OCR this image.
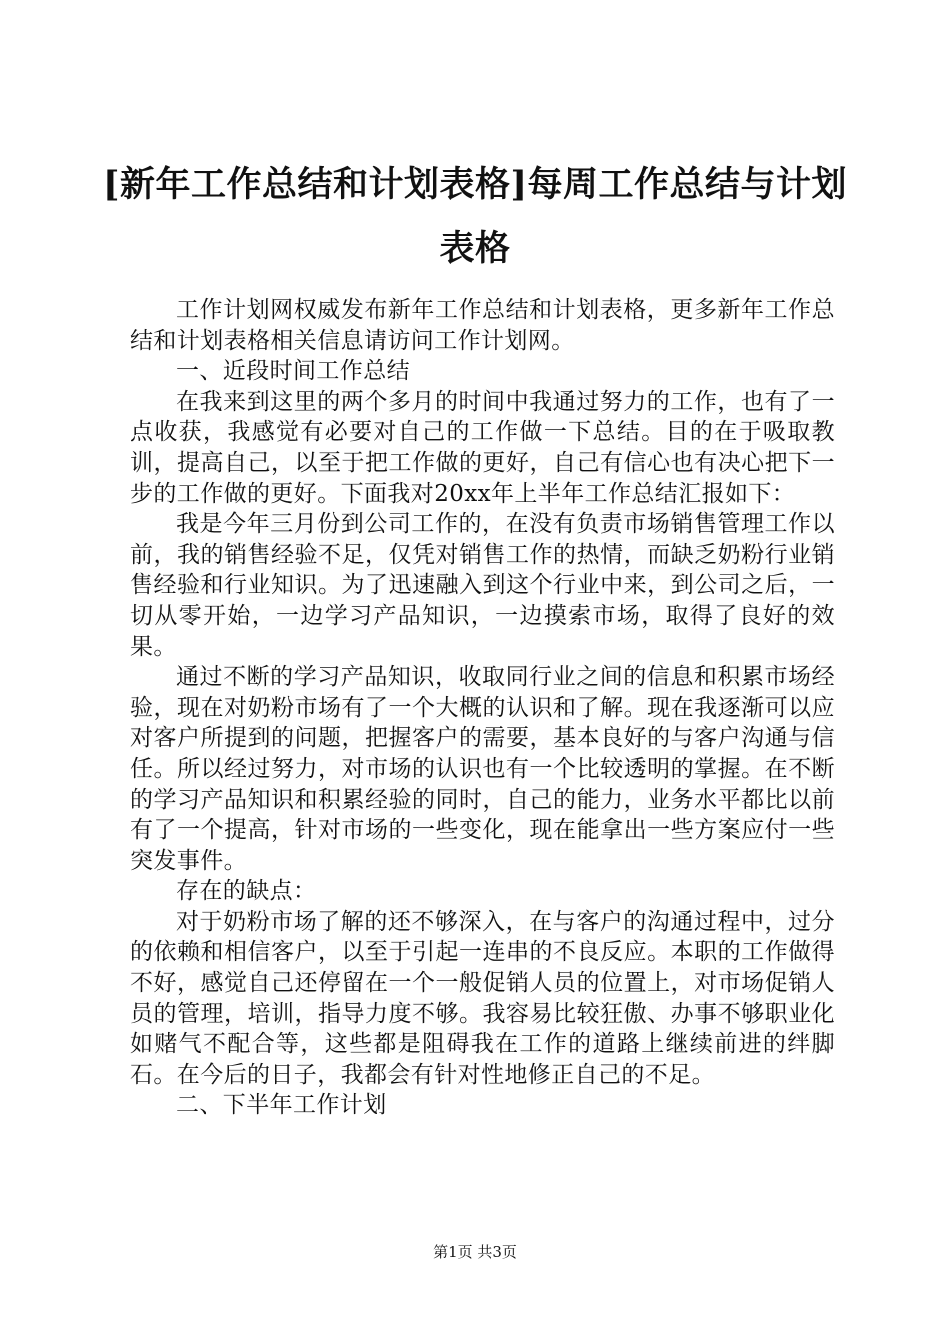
[新年工作总结和计划表格]每周工作总结与计划表格

工作计划网权威发布新年工作总结和计划表格，更多新年工作总结和计划表格相关信息请访问工作计划网。

一、近段时间工作总结

在我来到这里的两个多月的时间中我通过努力的工作，也有了一点收获，我感觉有必要对自己的工作做一下总结。目的在于吸取教训，提高自己，以至于把工作做的更好，自己有信心也有决心把下一步的工作做的更好。下面我对20xx年上半年工作总结汇报如下：

我是今年三月份到公司工作的，在没有负责市场销售管理工作以前，我的销售经验不足，仅凭对销售工作的热情，而缺乏奶粉行业销售经验和行业知识。为了迅速融入到这个行业中来，到公司之后，一切从零开始，一边学习产品知识，一边摸索市场，取得了良好的效果。

通过不断的学习产品知识，收取同行业之间的信息和积累市场经验，现在对奶粉市场有了一个大概的认识和了解。现在我逐渐可以应对客户所提到的问题，把握客户的需要，基本良好的与客户沟通与信任。所以经过努力，对市场的认识也有一个比较透明的掌握。在不断的学习产品知识和积累经验的同时，自己的能力，业务水平都比以前有了一个提高，针对市场的一些变化，现在能拿出一些方案应付一些突发事件。

存在的缺点：

对于奶粉市场了解的还不够深入，在与客户的沟通过程中，过分的依赖和相信客户，以至于引起一连串的不良反应。本职的工作做得不好，感觉自己还停留在一个一般促销人员的位置上，对市场促销人员的管理，培训，指导力度不够。我容易比较狂傲、办事不够职业化如赌气不配合等，这些都是阻碍我在工作的道路上继续前进的绊脚石。在今后的日子，我都会有针对性地修正自己的不足。

二、下半年工作计划

第1页 共3页
